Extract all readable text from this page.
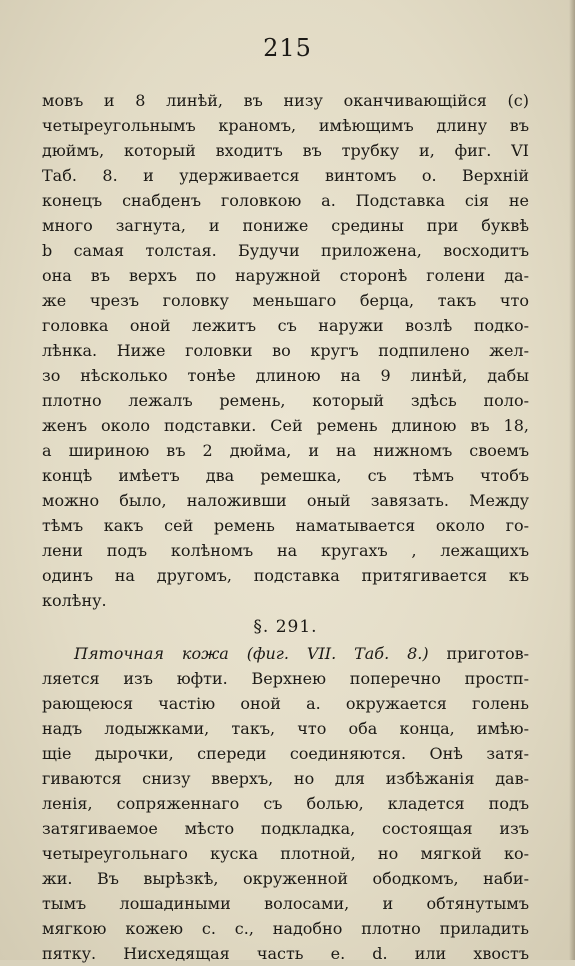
215
мовъ и 8 линѣй, въ низу оканчивающiйся (с)
четыреугольнымъ краномъ, имѣющимъ длину въ
дюймъ, который входитъ въ трубку и, фиг. VI
Таб. 8. и удерживается винтомъ о. Верхнiй
конецъ снабденъ головкою а. Подставка сiя не
много загнута, и пониже средины при буквѣ
b самая толстая. Будучи приложена, восходитъ
она въ верхъ по наружной сторонѣ голени да-
же чрезъ головку меньшаго берца, такъ что
головка оной лежитъ съ наружи возлѣ подко-
лѣнка. Ниже головки во кругъ подпилено жел-
зо нѣсколько тонѣе длиною на 9 линѣй, дабы
плотно лежалъ ремень, который здѣсь поло-
женъ около подставки. Сей ремень длиною въ 18,
а шириною въ 2 дюйма, и на нижномъ своемъ
концѣ имѣетъ два ремешка, съ тѣмъ чтобъ
можно было, наложивши оный завязать. Между
тѣмъ какъ сей ремень наматывается около го-
лени подъ колѣномъ на кругахъ , лежащихъ
одинъ на другомъ, подставка притягивается къ
колѣну.
§. 291.
Пяточная кожа (фиг. VII. Таб. 8.) приготов-
ляется изъ юфти. Верхнею поперечно простп-
рающеюся частiю оной а. окружается голень
надъ лодыжками, такъ, что оба конца, имѣю-
щiе дырочки, спереди соединяются. Онѣ затя-
гиваются снизу вверхъ, но для избѣжанiя дав-
ленiя, сопряженнаго съ болью, кладется подъ
затягиваемое мѣсто подкладка, состоящая изъ
четыреугольнаго куска плотной, но мягкой ко-
жи. Въ вырѣзкѣ, окруженной ободкомъ, наби-
тымъ лошадиными волосами, и обтянутымъ
мягкою кожею с. с., надобно плотно приладить
пятку. Нисхедящая часть е. d. или хвостъ
